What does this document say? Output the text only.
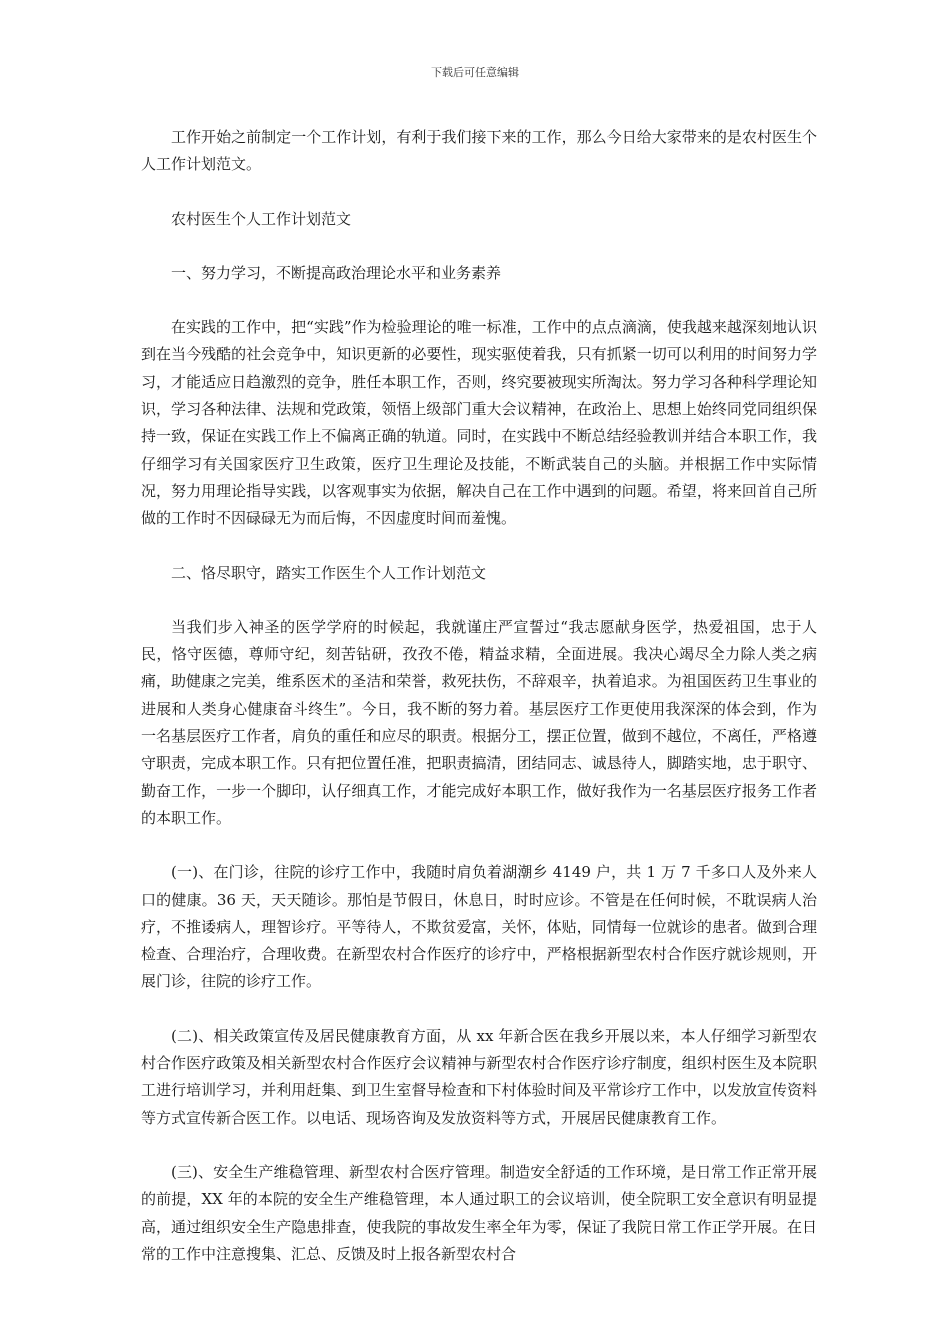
下载后可任意编辑

工作开始之前制定一个工作计划，有利于我们接下来的工作，那么今日给大家带来的是农村医生个人工作计划范文。

农村医生个人工作计划范文

一、努力学习，不断提高政治理论水平和业务素养

在实践的工作中，把“实践”作为检验理论的唯一标准，工作中的点点滴滴，使我越来越深刻地认识到在当今残酷的社会竞争中，知识更新的必要性，现实驱使着我，只有抓紧一切可以利用的时间努力学习，才能适应日趋激烈的竞争，胜任本职工作，否则，终究要被现实所淘汰。努力学习各种科学理论知识，学习各种法律、法规和党政策，领悟上级部门重大会议精神，在政治上、思想上始终同党同组织保持一致，保证在实践工作上不偏离正确的轨道。同时，在实践中不断总结经验教训并结合本职工作，我仔细学习有关国家医疗卫生政策，医疗卫生理论及技能，不断武装自己的头脑。并根据工作中实际情况，努力用理论指导实践，以客观事实为依据，解决自己在工作中遇到的问题。希望，将来回首自己所做的工作时不因碌碌无为而后悔，不因虚度时间而羞愧。

二、恪尽职守，踏实工作医生个人工作计划范文

当我们步入神圣的医学学府的时候起，我就谨庄严宣誓过“我志愿献身医学，热爱祖国，忠于人民，恪守医德，尊师守纪，刻苦钻研，孜孜不倦，精益求精，全面进展。我决心竭尽全力除人类之病痛，助健康之完美，维系医术的圣洁和荣誉，救死扶伤，不辞艰辛，执着追求。为祖国医药卫生事业的进展和人类身心健康奋斗终生”。今日，我不断的努力着。基层医疗工作更使用我深深的体会到，作为一名基层医疗工作者，肩负的重任和应尽的职责。根据分工，摆正位置，做到不越位，不离任，严格遵守职责，完成本职工作。只有把位置任准，把职责搞清，团结同志、诚恳待人，脚踏实地，忠于职守、勤奋工作，一步一个脚印，认仔细真工作，才能完成好本职工作，做好我作为一名基层医疗报务工作者的本职工作。

(一)、在门诊，往院的诊疗工作中，我随时肩负着湖潮乡 4149 户，共 1 万 7 千多口人及外来人口的健康。36 天，天天随诊。那怕是节假日，休息日，时时应诊。不管是在任何时候，不耽误病人治疗，不推诿病人，理智诊疗。平等待人，不欺贫爱富，关怀，体贴，同情每一位就诊的患者。做到合理检查、合理治疗，合理收费。在新型农村合作医疗的诊疗中，严格根据新型农村合作医疗就诊规则，开展门诊，往院的诊疗工作。

(二)、相关政策宣传及居民健康教育方面，从 xx 年新合医在我乡开展以来，本人仔细学习新型农村合作医疗政策及相关新型农村合作医疗会议精神与新型农村合作医疗诊疗制度，组织村医生及本院职工进行培训学习，并利用赶集、到卫生室督导检查和下村体验时间及平常诊疗工作中，以发放宣传资料等方式宣传新合医工作。以电话、现场咨询及发放资料等方式，开展居民健康教育工作。

(三)、安全生产维稳管理、新型农村合医疗管理。制造安全舒适的工作环境，是日常工作正常开展的前提，XX 年的本院的安全生产维稳管理，本人通过职工的会议培训，使全院职工安全意识有明显提高，通过组织安全生产隐患排查，使我院的事故发生率全年为零，保证了我院日常工作正学开展。在日常的工作中注意搜集、汇总、反馈及时上报各新型农村合
